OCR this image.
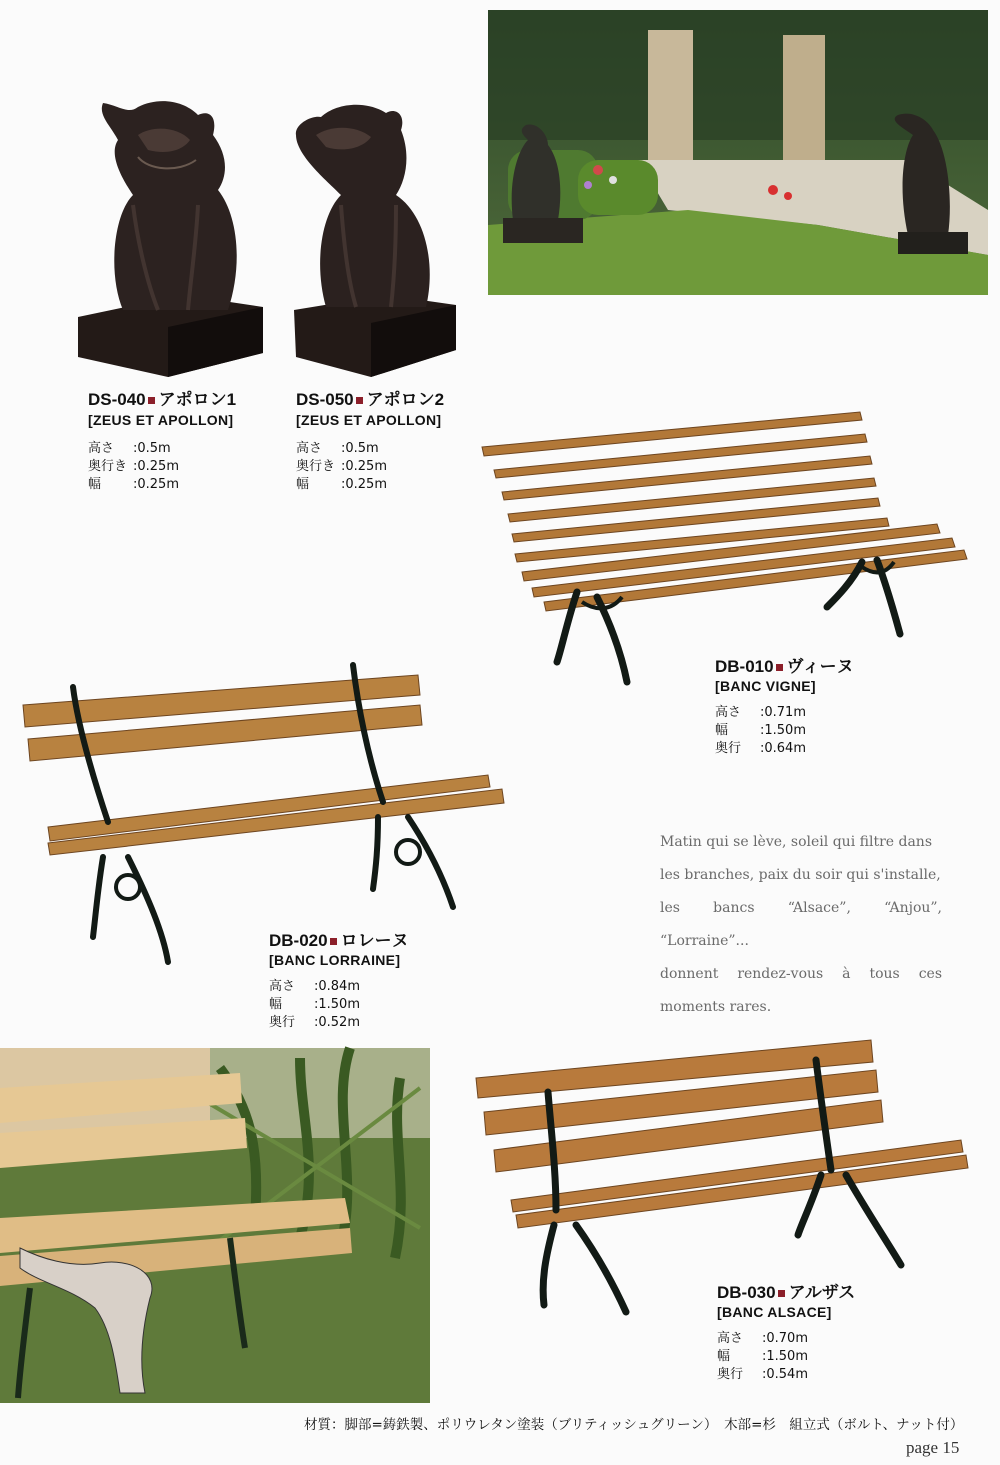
DS-040 アポロン1
[ZEUS ET APOLLON]
高さ :0.5m
奥行き :0.25m
幅 :0.25m
DS-050 アポロン2
[ZEUS ET APOLLON]
高さ :0.5m
奥行き :0.25m
幅 :0.25m
DB-010 ヴィーヌ
[BANC VIGNE]
高さ :0.71m
幅 :1.50m
奥行 :0.64m
DB-020 ロレーヌ
[BANC LORRAINE]
高さ :0.84m
幅 :1.50m
奥行 :0.52m
DB-030 アルザス
[BANC ALSACE]
高さ :0.70m
幅 :1.50m
奥行 :0.54m

Matin qui se lève, soleil qui filtre dans

les branches, paix du soir qui s'installe,

les bancs “Alsace”, “Anjou”, “Lorraine”...

donnent rendez-vous à tous ces

moments rares.

材質：脚部=鋳鉄製、ポリウレタン塗装（ブリティッシュグリーン）　木部=杉　組立式（ボルト、ナット付）
page 15
